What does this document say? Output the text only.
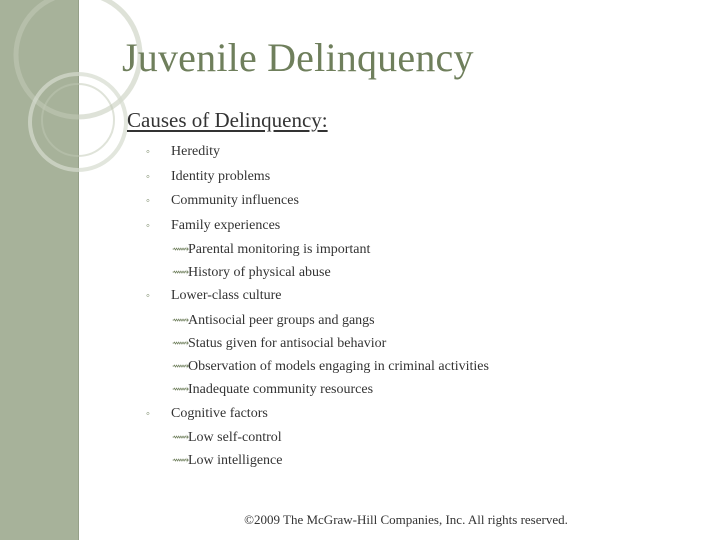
Juvenile Delinquency
Causes of Delinquency:
◦ Heredity
◦ Identity problems
◦ Community influences
◦ Family experiences
⟿
Parental monitoring is important
⟿
History of physical abuse
◦ Lower-class culture
⟿
Antisocial peer groups and gangs
⟿
Status given for antisocial behavior
⟿
Observation of models engaging in criminal activities
⟿
Inadequate community resources
◦ Cognitive factors
⟿
Low self-control
⟿
Low intelligence
©2009 The McGraw-Hill Companies, Inc. All rights reserved.
